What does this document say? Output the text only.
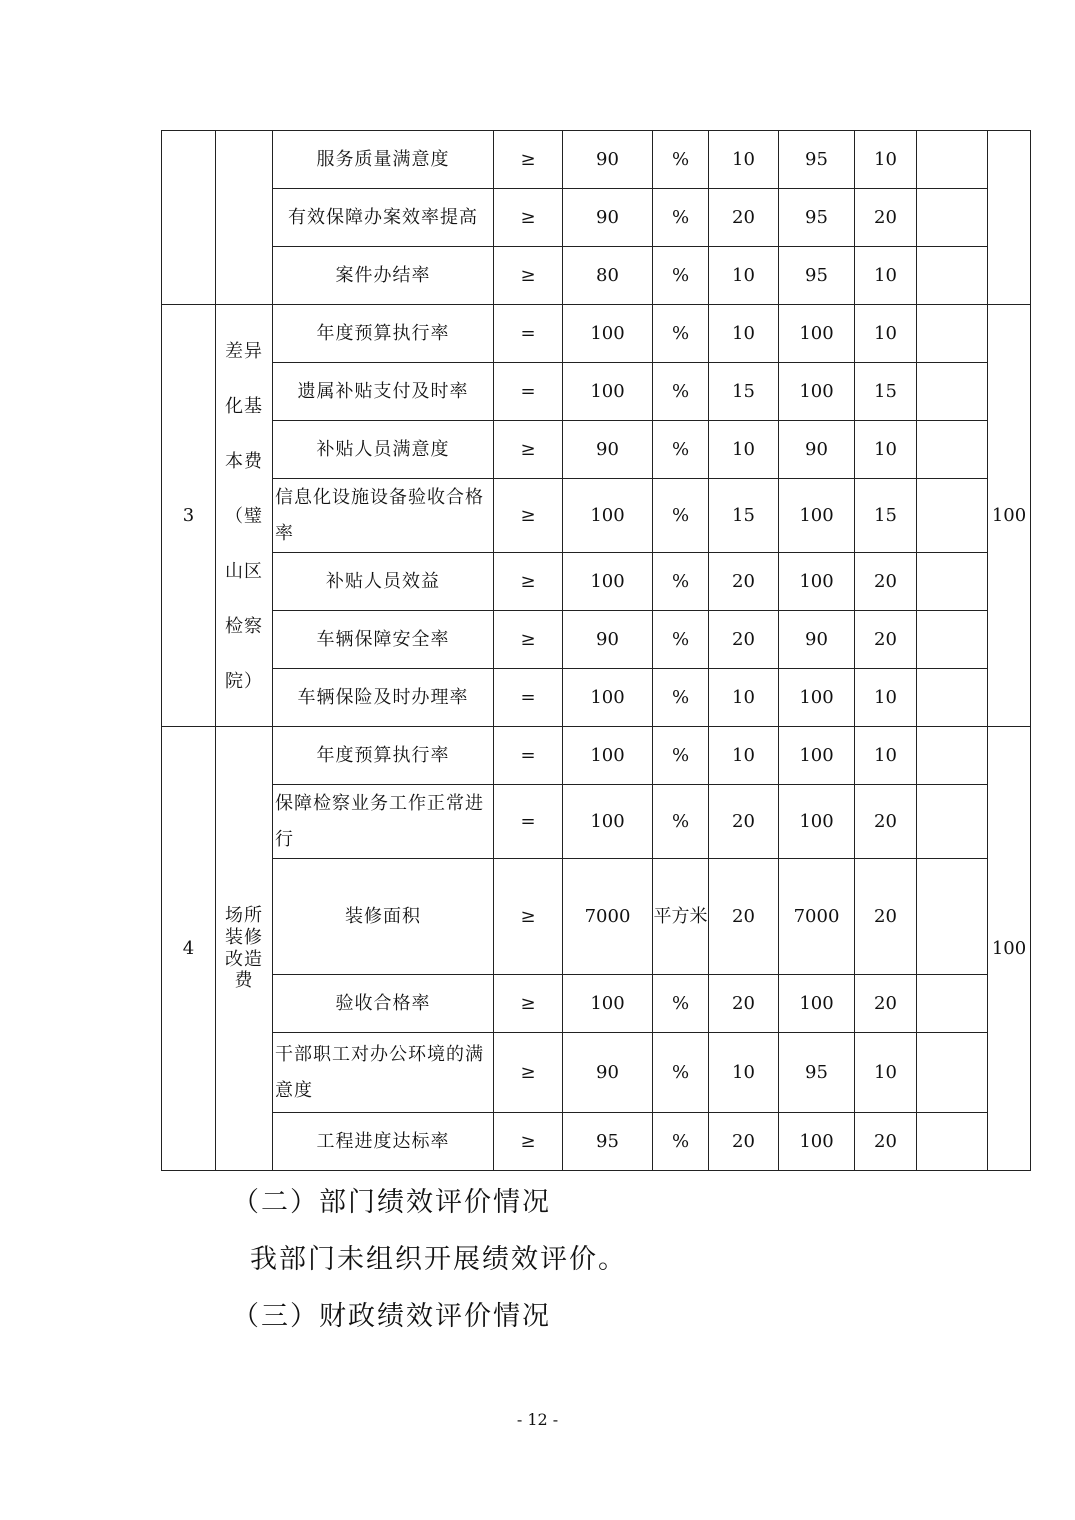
		服务质量满意度	≥	90	%	10	95	10		
		有效保障办案效率提高	≥	90	%	20	95	20		
		案件办结率	≥	80	%	10	95	10		
3	差异化基本费（璧山区检察院）	年度预算执行率	=	100	%	10	100	10		100
		遗属补贴支付及时率	=	100	%	15	100	15		
		补贴人员满意度	≥	90	%	10	90	10		
		信息化设施设备验收合格率	≥	100	%	15	100	15		
		补贴人员效益	≥	100	%	20	100	20		
		车辆保障安全率	≥	90	%	20	90	20		
		车辆保险及时办理率	=	100	%	10	100	10		
4	场所装修改造费	年度预算执行率	=	100	%	10	100	10		100
		保障检察业务工作正常进行	=	100	%	20	100	20		
		装修面积	≥	7000	平方米	20	7000	20		
		验收合格率	≥	100	%	20	100	20		
		干部职工对办公环境的满意度	≥	90	%	10	95	10		
		工程进度达标率	≥	95	%	20	100	20		
（二）部门绩效评价情况
我部门未组织开展绩效评价。
（三）财政绩效评价情况
- 12 -
